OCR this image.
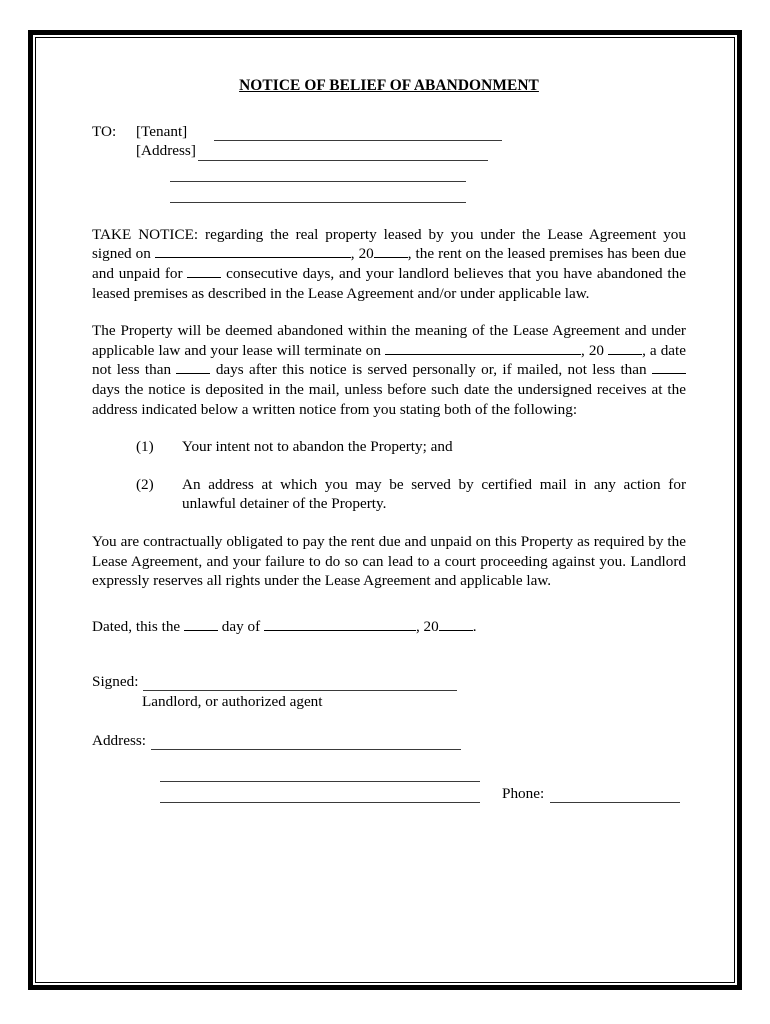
NOTICE OF BELIEF OF ABANDONMENT
TO:	[Tenant]
[Address]

TAKE NOTICE: regarding the real property leased by you under the Lease Agreement you signed on	, 20 , the rent on the leased premises has been due and unpaid for  consecutive days, and your landlord believes that you have abandoned the leased premises as described in the Lease Agreement and/or under applicable law.

The Property will be deemed abandoned within the meaning of the Lease Agreement and under applicable law and your lease will terminate on	, 20 , a date not less than  days after this notice is served personally or, if mailed, not less than  days the notice is deposited in the mail, unless before such date the undersigned receives at the address indicated below a written notice from you stating both of the following:

(1)	Your intent not to abandon the Property; and
(2)	An address at which you may be served by certified mail in any action for unlawful detainer of the Property.

You are contractually obligated to pay the rent due and unpaid on this Property as required by the Lease Agreement, and your failure to do so can lead to a court proceeding against you. Landlord expressly reserves all rights under the Lease Agreement and applicable law.

Dated, this the  day of	, 20 .
Signed:
Landlord, or authorized agent
Address:
Phone:
